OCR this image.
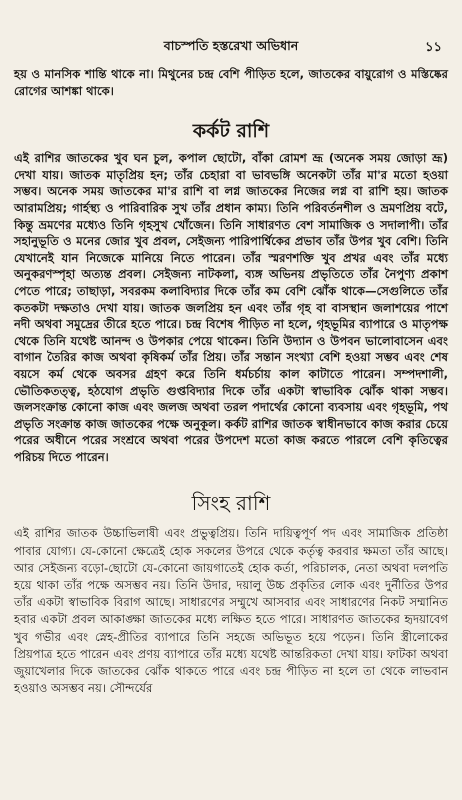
বাচস্পতি হস্তরেখা অভিধান	১১

হয় ও মানসিক শান্তি থাকে না। মিথুনের চন্দ্র বেশি পীড়িত হলে, জাতকের বায়ুরোগ ও মস্তিষ্কের রোগের আশঙ্কা থাকে।

কর্কট রাশি

এই রাশির জাতকের খুব ঘন চুল, কপাল ছোটো, বাঁকা রোমশ ভ্রূ (অনেক সময় জোড়া ভ্রূ) দেখা যায়। জাতক মাতৃপ্রিয় হন; তাঁর চেহারা বা ভাবভঙ্গি অনেকটা তাঁর মা'র মতো হওয়া সম্ভব। অনেক সময় জাতকের মা'র রাশি বা লগ্ন জাতকের নিজের লগ্ন বা রাশি হয়। জাতক আরামপ্রিয়; গার্হস্থ্য ও পারিবারিক সুখ তাঁর প্রধান কাম্য। তিনি পরিবর্তনশীল ও ভ্রমণপ্রিয় বটে, কিন্তু ভ্রমণের মধ্যেও তিনি গৃহসুখ খোঁজেন। তিনি সাধারণত বেশ সামাজিক ও সদালাপী। তাঁর সহানুভূতি ও মনের জোর খুব প্রবল, সেইজন্য পারিপার্শ্বিকের প্রভাব তাঁর উপর খুব বেশি। তিনি যেখানেই যান নিজেকে মানিয়ে নিতে পারেন। তাঁর স্মরণশক্তি খুব প্রখর এবং তাঁর মধ্যে অনুকরণস্পৃহা অত্যন্ত প্রবল। সেইজন্য নাটকলা, ব্যঙ্গ অভিনয় প্রভৃতিতে তাঁর নৈপুণ্য প্রকাশ পেতে পারে; তাছাড়া, সবরকম কলাবিদ্যার দিকে তাঁর কম বেশি ঝোঁক থাকে—সেগুলিতে তাঁর কতকটা দক্ষতাও দেখা যায়। জাতক জলপ্রিয় হন এবং তাঁর গৃহ বা বাসস্থান জলাশয়ের পাশে নদী অথবা সমুদ্রের তীরে হতে পারে। চন্দ্র বিশেষ পীড়িত না হলে, গৃহভূমির ব্যাপারে ও মাতৃপক্ষ থেকে তিনি যথেষ্ট আনন্দ ও উপকার পেয়ে থাকেন। তিনি উদ্যান ও উপবন ভালোবাসেন এবং বাগান তৈরির কাজ অথবা কৃষিকর্ম তাঁর প্রিয়। তাঁর সন্তান সংখ্যা বেশি হওয়া সম্ভব এবং শেষ বয়সে কর্ম থেকে অবসর গ্রহণ করে তিনি ধর্মচর্চায় কাল কাটাতে পারেন। সম্পদশালী, ভৌতিকতত্ত্ব, হঠযোগ প্রভৃতি গুপ্তবিদ্যার দিকে তাঁর একটা স্বাভাবিক ঝোঁক থাকা সম্ভব। জলসংক্রান্ত কোনো কাজ এবং জলজ অথবা তরল পদার্থের কোনো ব্যবসায় এবং গৃহভূমি, পথ প্রভৃতি সংক্রান্ত কাজ জাতকের পক্ষে অনুকূল। কর্কট রাশির জাতক স্বাধীনভাবে কাজ করার চেয়ে পরের অধীনে পরের সংশ্রবে অথবা পরের উপদেশ মতো কাজ করতে পারলে বেশি কৃতিত্বের পরিচয় দিতে পারেন।

সিংহ রাশি

এই রাশির জাতক উচ্চাভিলাষী এবং প্রভুত্বপ্রিয়। তিনি দায়িত্বপূর্ণ পদ এবং সামাজিক প্রতিষ্ঠা পাবার যোগ্য। যে-কোনো ক্ষেত্রেই হোক সকলের উপরে থেকে কর্তৃত্ব করবার ক্ষমতা তাঁর আছে। আর সেইজন্য বড়ো-ছোটো যে-কোনো জায়গাতেই হোক কর্তা, পরিচালক, নেতা অথবা দলপতি হয়ে থাকা তাঁর পক্ষে অসম্ভব নয়। তিনি উদার, দয়ালু উচ্চ প্রকৃতির লোক এবং দুর্নীতির উপর তাঁর একটা স্বাভাবিক বিরাগ আছে। সাধারণের সম্মুখে আসবার এবং সাধারণের নিকট সম্মানিত হবার একটা প্রবল আকাঙ্ক্ষা জাতকের মধ্যে লক্ষিত হতে পারে। সাধারণত জাতকের হৃদয়াবেগ খুব গভীর এবং স্নেহ-প্রীতির ব্যাপারে তিনি সহজে অভিভূত হয়ে পড়েন। তিনি স্ত্রীলোকের প্রিয়পাত্র হতে পারেন এবং প্রণয় ব্যাপারে তাঁর মধ্যে যথেষ্ট আন্তরিকতা দেখা যায়। ফাটকা অথবা জুয়াখেলার দিকে জাতকের ঝোঁক থাকতে পারে এবং চন্দ্র পীড়িত না হলে তা থেকে লাভবান হওয়াও অসম্ভব নয়। সৌন্দর্যের
